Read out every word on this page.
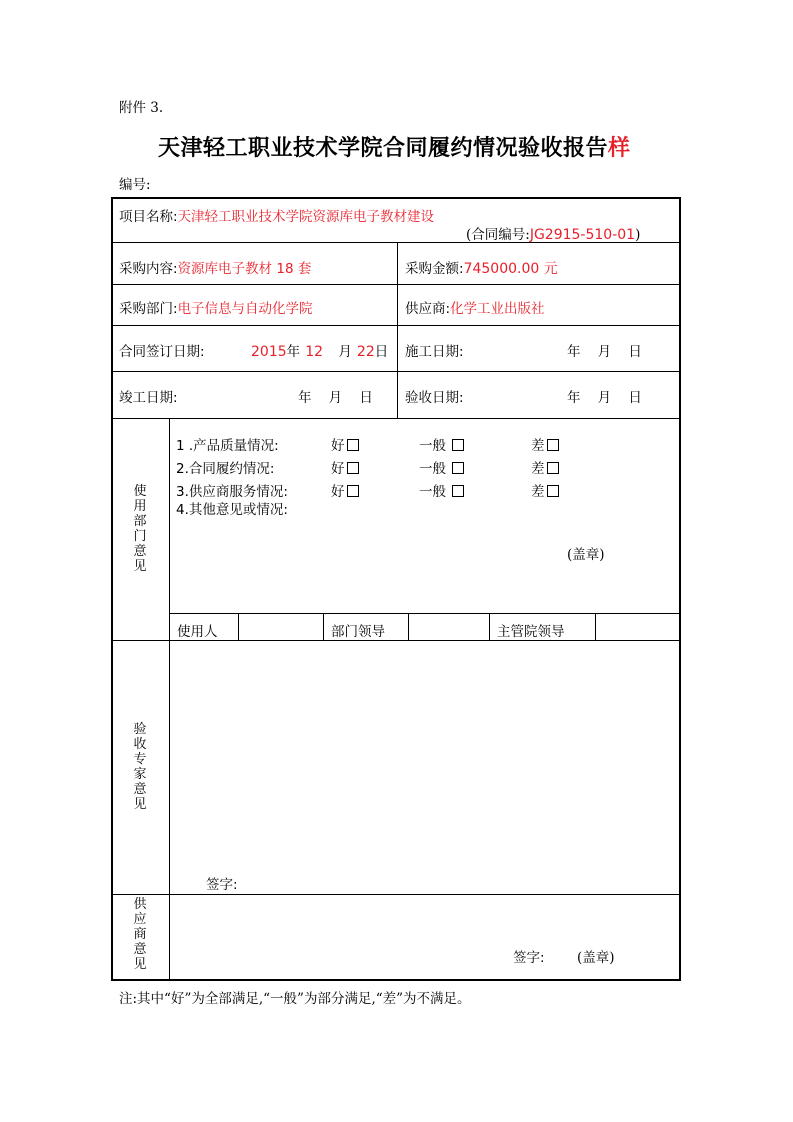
附件 3.
天津轻工职业技术学院合同履约情况验收报告样
编号:
项目名称:天津轻工职业技术学院资源库电子教材建设
(合同编号:JG2915-510-01)
采购内容:资源库电子教材 18 套	采购金额:745000.00 元
采购部门:电子信息与自动化学院	供应商:化学工业出版社
合同签订日期:	2015年 12 月 22日 施工日期:	年 月 日
竣工日期:	年 月 日 验收日期:	年 月 日
使用部门意见
1 .产品质量情况:	好	一般	差
2.合同履约情况:	好	一般	差
3.供应商服务情况:	好	一般	差
4.其他意见或情况:
(盖章)
使用人	部门领导	主管院领导
验收专家意见
签字:
供应商意见	签字: (盖章)
注:其中“好”为全部满足,“一般”为部分满足,“差”为不满足。
